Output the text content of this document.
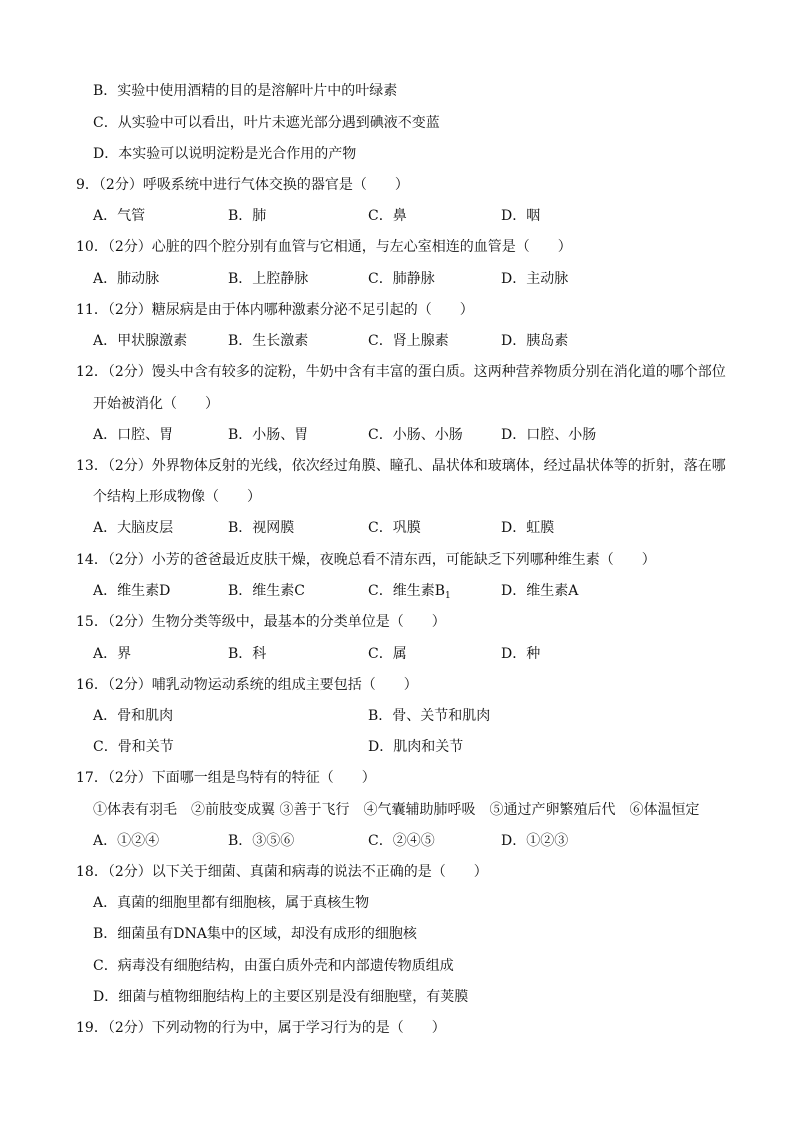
B．实验中使用酒精的目的是溶解叶片中的叶绿素
C．从实验中可以看出，叶片未遮光部分遇到碘液不变蓝
D．本实验可以说明淀粉是光合作用的产物
9．（2分）呼吸系统中进行气体交换的器官是（　　）
A．气管	B．肺	C．鼻	D．咽
10．（2分）心脏的四个腔分别有血管与它相通，与左心室相连的血管是（　　）
A．肺动脉	B．上腔静脉	C．肺静脉	D．主动脉
11．（2分）糖尿病是由于体内哪种激素分泌不足引起的（　　）
A．甲状腺激素	B．生长激素	C．肾上腺素	D．胰岛素
12．（2分）馒头中含有较多的淀粉，牛奶中含有丰富的蛋白质。这两种营养物质分别在消化道的哪个部位
开始被消化（　　）
A．口腔、胃	B．小肠、胃	C．小肠、小肠	D．口腔、小肠
13．（2分）外界物体反射的光线，依次经过角膜、瞳孔、晶状体和玻璃体，经过晶状体等的折射，落在哪
个结构上形成物像（　　）
A．大脑皮层	B．视网膜	C．巩膜	D．虹膜
14．（2分）小芳的爸爸最近皮肤干燥，夜晚总看不清东西，可能缺乏下列哪种维生素（　　）
A．维生素D	B．维生素C	C．维生素$B_1$	D．维生素A
15．（2分）生物分类等级中，最基本的分类单位是（　　）
A．界	B．科	C．属	D．种
16．（2分）哺乳动物运动系统的组成主要包括（　　）
A．骨和肌肉	B．骨、关节和肌肉
C．骨和关节	D．肌肉和关节
17．（2分）下面哪一组是鸟特有的特征（　　）
①体表有羽毛　②前肢变成翼 ③善于飞行　④气囊辅助肺呼吸　⑤通过产卵繁殖后代　⑥体温恒定
A．①②④	B．③⑤⑥	C．②④⑤	D．①②③
18．（2分）以下关于细菌、真菌和病毒的说法不正确的是（　　）
A．真菌的细胞里都有细胞核，属于真核生物
B．细菌虽有DNA集中的区域，却没有成形的细胞核
C．病毒没有细胞结构，由蛋白质外壳和内部遗传物质组成
D．细菌与植物细胞结构上的主要区别是没有细胞壁，有荚膜
19．（2分）下列动物的行为中，属于学习行为的是（　　）
